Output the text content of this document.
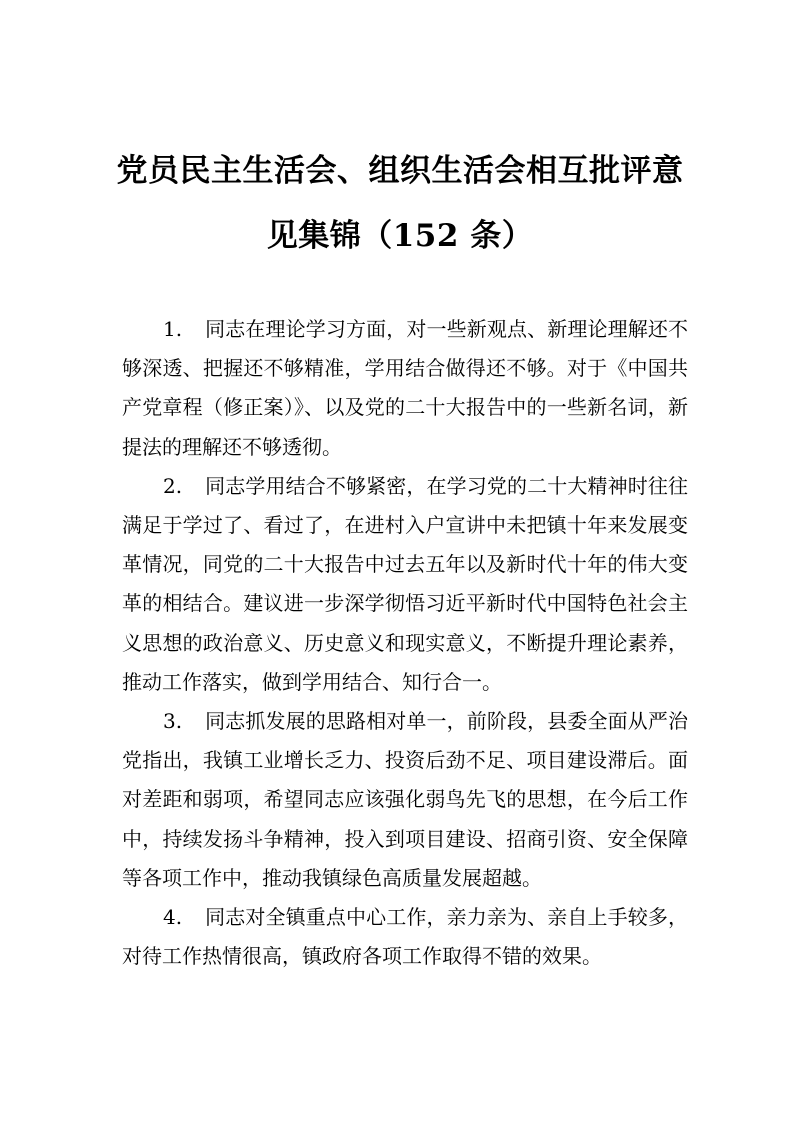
党员民主生活会、组织生活会相互批评意
见集锦（152 条）

1. 同志在理论学习方面，对一些新观点、新理论理解还不够深透、把握还不够精准，学用结合做得还不够。对于《中国共产党章程（修正案）》、以及党的二十大报告中的一些新名词，新提法的理解还不够透彻。

2. 同志学用结合不够紧密，在学习党的二十大精神时往往满足于学过了、看过了，在进村入户宣讲中未把镇十年来发展变革情况，同党的二十大报告中过去五年以及新时代十年的伟大变革的相结合。建议进一步深学彻悟习近平新时代中国特色社会主义思想的政治意义、历史意义和现实意义，不断提升理论素养，推动工作落实，做到学用结合、知行合一。

3. 同志抓发展的思路相对单一，前阶段，县委全面从严治党指出，我镇工业增长乏力、投资后劲不足、项目建设滞后。面对差距和弱项，希望同志应该强化弱鸟先飞的思想，在今后工作中，持续发扬斗争精神，投入到项目建设、招商引资、安全保障等各项工作中，推动我镇绿色高质量发展超越。

4. 同志对全镇重点中心工作，亲力亲为、亲自上手较多，对待工作热情很高，镇政府各项工作取得不错的效果。
